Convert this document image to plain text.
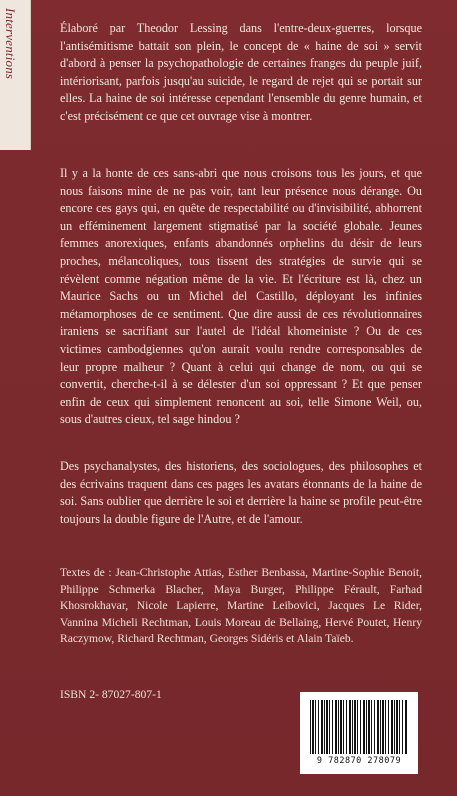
Interventions	Élaboré par Theodor Lessing dans l'entre-deux-guerres, lorsque l'antisémitisme battait son plein, le concept de « haine de soi » servit d'abord à penser la psychopathologie de certaines franges du peuple juif, intériorisant, parfois jusqu'au suicide, le regard de rejet qui se portait sur elles. La haine de soi intéresse cependant l'ensemble du genre humain, et c'est précisément ce que cet ouvrage vise à montrer.

Il y a la honte de ces sans-abri que nous croisons tous les jours, et que nous faisons mine de ne pas voir, tant leur présence nous dérange. Ou encore ces gays qui, en quête de respectabilité ou d'invisibilité, abhorrent un efféminement largement stigmatisé par la société globale. Jeunes femmes anorexiques, enfants abandonnés orphelins du désir de leurs proches, mélancoliques, tous tissent des stratégies de survie qui se révèlent comme négation même de la vie. Et l'écriture est là, chez un Maurice Sachs ou un Michel del Castillo, déployant les infinies métamorphoses de ce sentiment. Que dire aussi de ces révolutionnaires iraniens se sacrifiant sur l'autel de l'idéal khomeiniste ? Ou de ces victimes cambodgiennes qu'on aurait voulu rendre corresponsables de leur propre malheur ? Quant à celui qui change de nom, ou qui se convertit, cherche-t-il à se délester d'un soi oppressant ? Et que penser enfin de ceux qui simplement renoncent au soi, telle Simone Weil, ou, sous d'autres cieux, tel sage hindou ?

Des psychanalystes, des historiens, des sociologues, des philosophes et des écrivains traquent dans ces pages les avatars étonnants de la haine de soi. Sans oublier que derrière le soi et derrière la haine se profile peut-être toujours la double figure de l'Autre, et de l'amour.

Textes de : Jean-Christophe Attias, Esther Benbassa, Martine-Sophie Benoit, Philippe Schmerka Blacher, Maya Burger, Philippe Férault, Farhad Khosrokhavar, Nicole Lapierre, Martine Leibovici, Jacques Le Rider, Vannina Micheli Rechtman, Louis Moreau de Bellaing, Hervé Poutet, Henry Raczymow, Richard Rechtman, Georges Sidéris et Alain Taïeb.

ISBN 2- 87027-807-1
9 782870 278079
